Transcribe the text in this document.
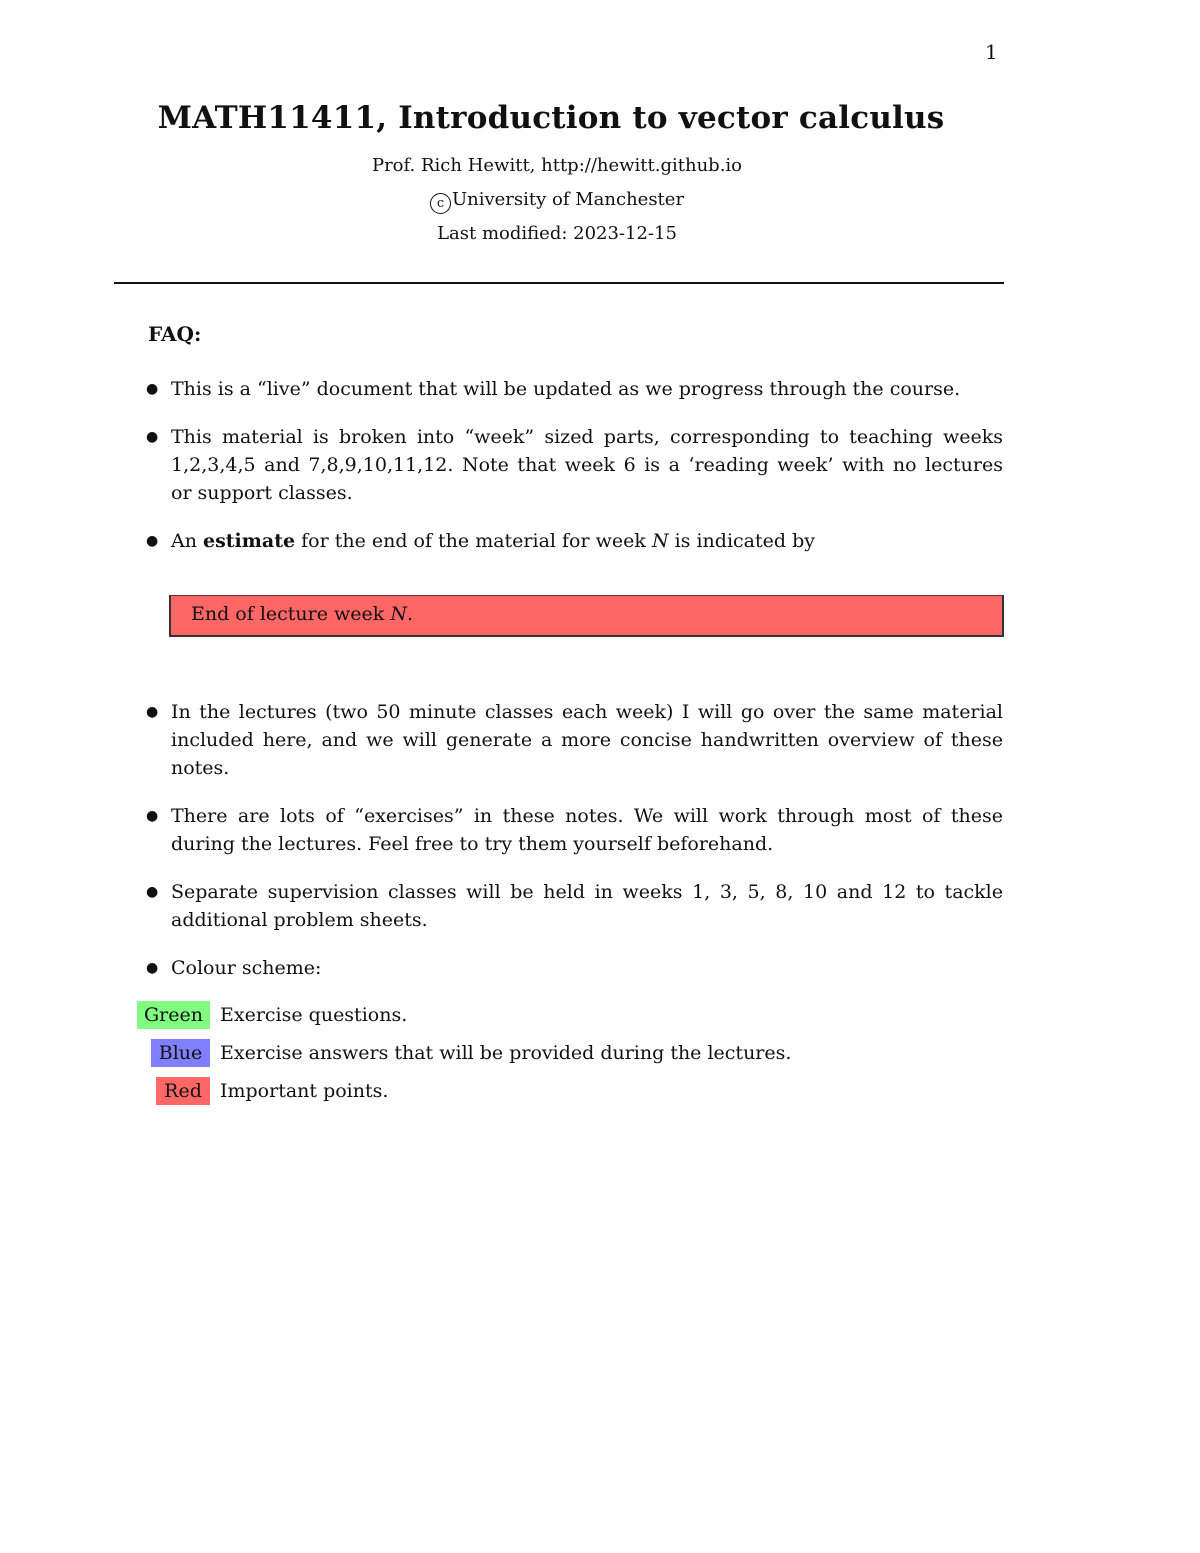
1
MATH11411, Introduction to vector calculus
Prof. Rich Hewitt, http://hewitt.github.io
c University of Manchester
Last modified: 2023-12-15
FAQ:
● This is a “live” document that will be updated as we progress through the course.
● This material is broken into “week” sized parts, corresponding to teaching weeks
1,2,3,4,5 and 7,8,9,10,11,12. Note that week 6 is a ‘reading week’ with no lectures
or support classes.
● An estimate for the end of the material for week N is indicated by
End of lecture week N.
● In the lectures (two 50 minute classes each week) I will go over the same material
included here, and we will generate a more concise handwritten overview of these
notes.
● There are lots of “exercises” in these notes. We will work through most of these
during the lectures. Feel free to try them yourself beforehand.
● Separate supervision classes will be held in weeks 1, 3, 5, 8, 10 and 12 to tackle
additional problem sheets.
● Colour scheme:
Green Exercise questions.
Blue Exercise answers that will be provided during the lectures.
Red Important points.
